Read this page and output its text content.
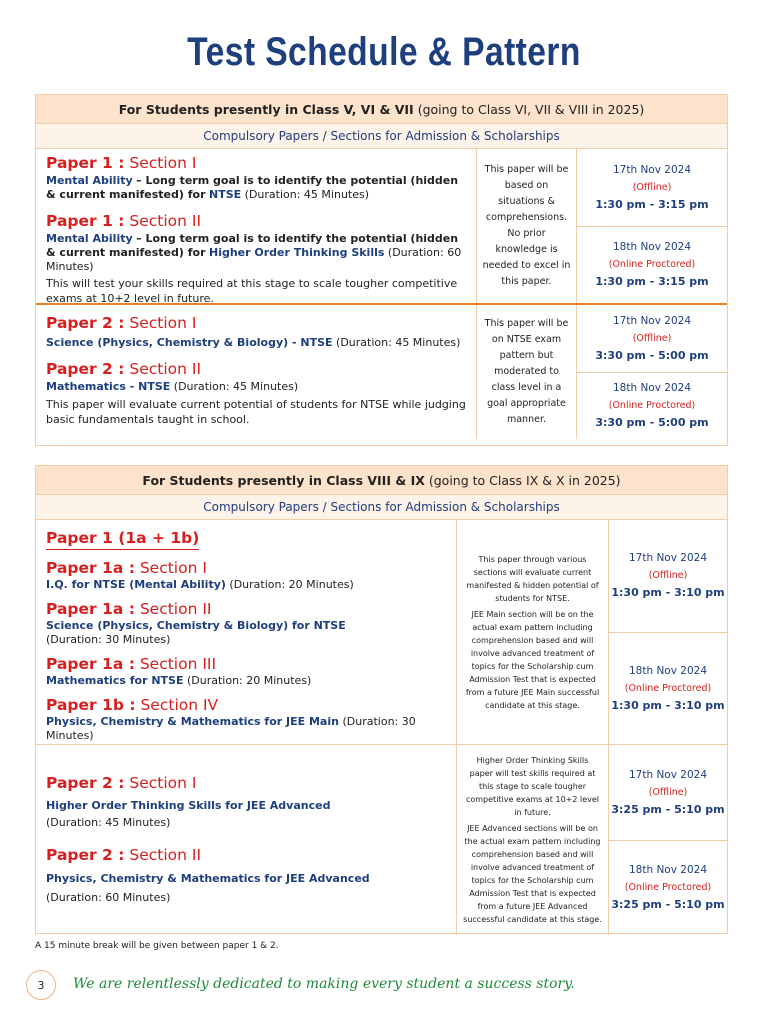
Test Schedule & Pattern
For Students presently in Class V, VI & VII (going to Class VI, VII & VIII in 2025)
Compulsory Papers / Sections for Admission & Scholarships
Paper 1 : Section I
Mental Ability – Long term goal is to identify the potential (hidden & current manifested) for NTSE (Duration: 45 Minutes)
Paper 1 : Section II
Mental Ability – Long term goal is to identify the potential (hidden & current manifested) for Higher Order Thinking Skills (Duration: 60 Minutes)
This will test your skills required at this stage to scale tougher competitive exams at 10+2 level in future.
This paper will be based on situations & comprehensions. No prior knowledge is needed to excel in this paper.
17th Nov 2024
(Offline)
1:30 pm - 3:15 pm
18th Nov 2024
(Online Proctored)
1:30 pm - 3:15 pm
Paper 2 : Section I
Science (Physics, Chemistry & Biology) - NTSE (Duration: 45 Minutes)
Paper 2 : Section II
Mathematics - NTSE (Duration: 45 Minutes)
This paper will evaluate current potential of students for NTSE while judging basic fundamentals taught in school.
This paper will be on NTSE exam pattern but moderated to class level in a goal appropriate manner.
17th Nov 2024
(Offline)
3:30 pm - 5:00 pm
18th Nov 2024
(Online Proctored)
3:30 pm - 5:00 pm
For Students presently in Class VIII & IX (going to Class IX & X in 2025)
Compulsory Papers / Sections for Admission & Scholarships
Paper 1 (1a + 1b)
Paper 1a : Section I
I.Q. for NTSE (Mental Ability) (Duration: 20 Minutes)
Paper 1a : Section II
Science (Physics, Chemistry & Biology) for NTSE
(Duration: 30 Minutes)
Paper 1a : Section III
Mathematics for NTSE (Duration: 20 Minutes)
Paper 1b : Section IV
Physics, Chemistry & Mathematics for JEE Main (Duration: 30 Minutes)
This paper through various sections will evaluate current manifested & hidden potential of students for NTSE.
JEE Main section will be on the actual exam pattern including comprehension based and will involve advanced treatment of topics for the Scholarship cum Admission Test that is expected from a future JEE Main successful candidate at this stage.
17th Nov 2024
(Offline)
1:30 pm - 3:10 pm
18th Nov 2024
(Online Proctored)
1:30 pm - 3:10 pm
Paper 2 : Section I
Higher Order Thinking Skills for JEE Advanced
(Duration: 45 Minutes)
Paper 2 : Section II
Physics, Chemistry & Mathematics for JEE Advanced
(Duration: 60 Minutes)
Higher Order Thinking Skills paper will test skills required at this stage to scale tougher competitive exams at 10+2 level in future.
JEE Advanced sections will be on the actual exam pattern including comprehension based and will involve advanced treatment of topics for the Scholarship cum Admission Test that is expected from a future JEE Advanced successful candidate at this stage.
17th Nov 2024
(Offline)
3:25 pm - 5:10 pm
18th Nov 2024
(Online Proctored)
3:25 pm - 5:10 pm
A 15 minute break will be given between paper 1 & 2.
3	We are relentlessly dedicated to making every student a success story.
